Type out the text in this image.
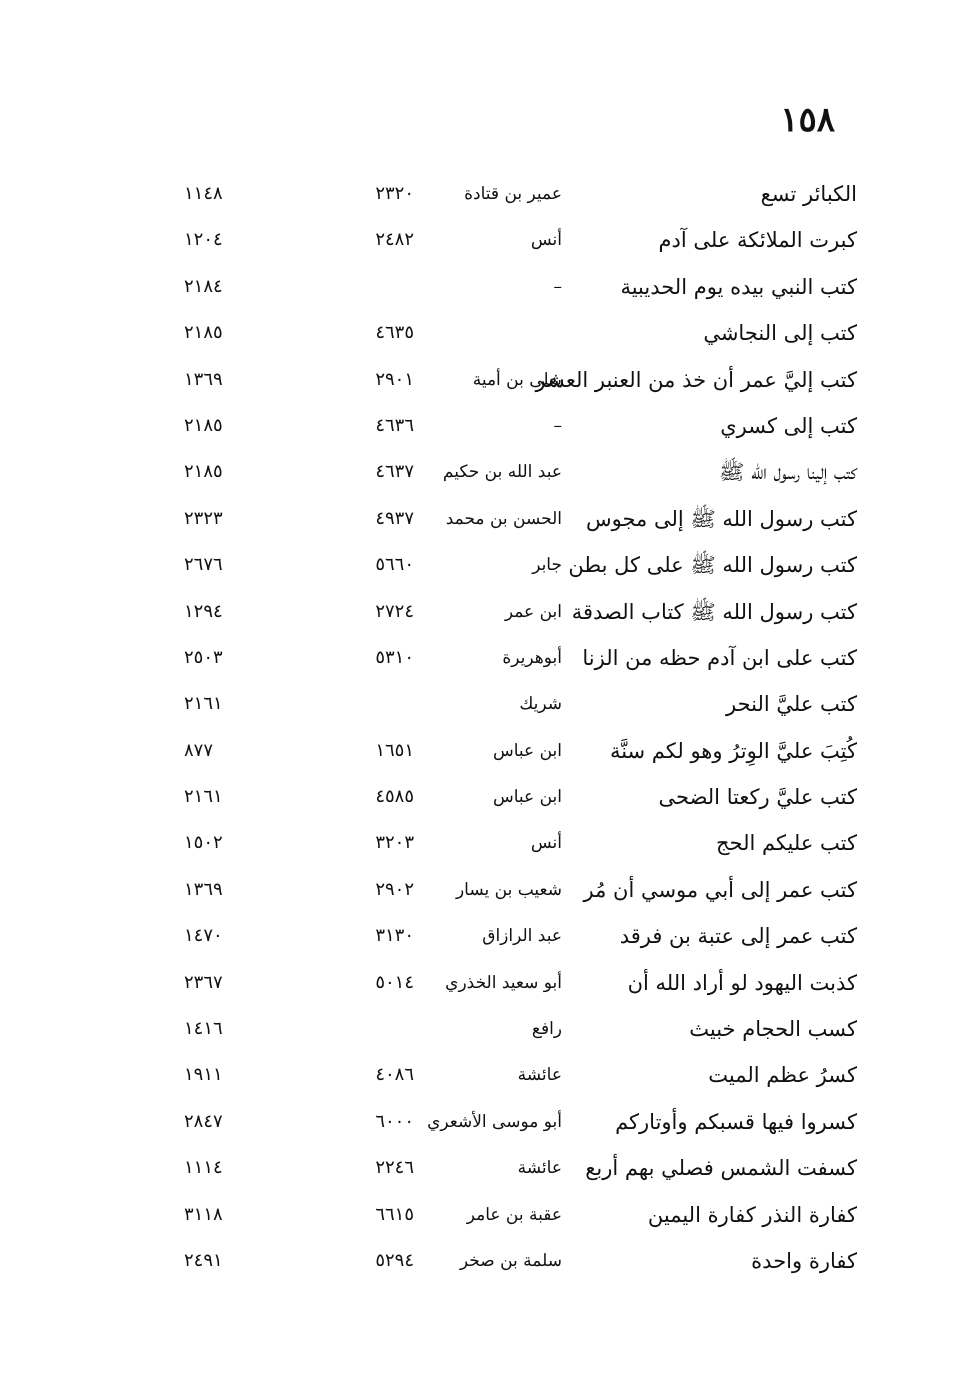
١٥٨
الكبائر تسع
عمير بن قتادة
٢٣٢٠
١١٤٨
كبرت الملائكة على آدم
أنس
٢٤٨٢
١٢٠٤
كتب النبي بيده يوم الحديبية
–
٢١٨٤
كتب إلى النجاشي
٤٦٣٥
٢١٨٥
كتب إليَّ عمر أن خذ من العنبر العشر
يعلى بن أمية
٢٩٠١
١٣٦٩
كتب إلى كسري
–
٤٦٣٦
٢١٨٥
كتب إلينا رسول الله ﷺ
عبد الله بن حكيم
٤٦٣٧
٢١٨٥
كتب رسول الله ﷺ إلى مجوس
الحسن بن محمد
٤٩٣٧
٢٣٢٣
كتب رسول الله ﷺ على كل بطن
جابر
٥٦٦٠
٢٦٧٦
كتب رسول الله ﷺ كتاب الصدقة
ابن عمر
٢٧٢٤
١٢٩٤
كتب على ابن آدم حظه من الزنا
أبوهريرة
٥٣١٠
٢٥٠٣
كتب عليَّ النحر
شريك
٢١٦١
كُتِبَ عليَّ الوِترُ وهو لكم سنَّة
ابن عباس
١٦٥١
٨٧٧
كتب عليَّ ركعتا الضحى
ابن عباس
٤٥٨٥
٢١٦١
كتب عليكم الحج
أنس
٣٢٠٣
١٥٠٢
كتب عمر إلى أبي موسي أن مُر
شعيب بن يسار
٢٩٠٢
١٣٦٩
كتب عمر إلى عتبة بن فرقد
عبد الرازاق
٣١٣٠
١٤٧٠
كذبت اليهود لو أراد الله أن
أبو سعيد الخذري
٥٠١٤
٢٣٦٧
كسب الحجام خبيث
رافع
١٤١٦
كسرُ عظم الميت
عائشة
٤٠٨٦
١٩١١
كسروا فيها قسبكم وأوتاركم
أبو موسى الأشعري
٦٠٠٠
٢٨٤٧
كسفت الشمس فصلي بهم أربع
عائشة
٢٢٤٦
١١١٤
كفارة النذر كفارة اليمين
عقبة بن عامر
٦٦١٥
٣١١٨
كفارة واحدة
سلمة بن صخر
٥٢٩٤
٢٤٩١
